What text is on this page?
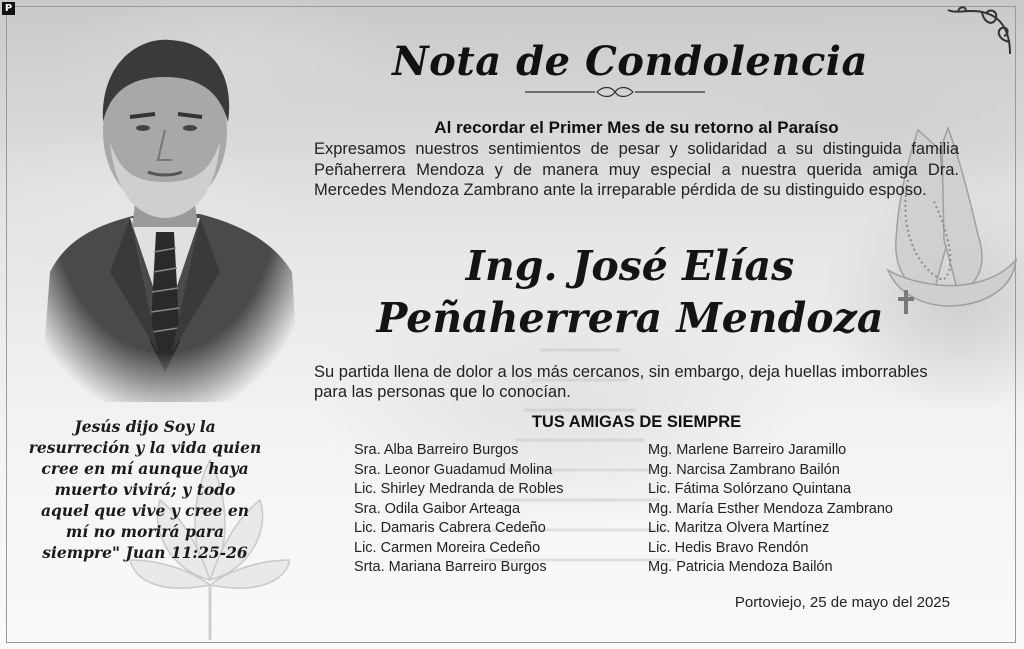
P
Nota de Condolencia
Al recordar el Primer Mes de su retorno al Paraíso
Expresamos nuestros sentimientos de pesar y solidaridad a su distinguida familia Peñaherrera Mendoza y de manera muy especial a nuestra querida amiga Dra. Mercedes Mendoza Zambrano ante la irreparable pérdida de su distinguido esposo.
Ing. José Elías
Peñaherrera Mendoza
Su partida llena de dolor a los más cercanos, sin embargo, deja huellas imborrables para las personas que lo conocían.
TUS AMIGAS DE SIEMPRE
Sra. Alba Barreiro Burgos
Sra. Leonor Guadamud Molina
Lic. Shirley Medranda de Robles
Sra. Odila Gaibor Arteaga
Lic. Damaris Cabrera Cedeño
Lic. Carmen Moreira Cedeño
Srta. Mariana Barreiro Burgos
Mg. Marlene Barreiro Jaramillo
Mg. Narcisa Zambrano Bailón
Lic. Fátima Solórzano Quintana
Mg. María Esther Mendoza Zambrano
Lic. Maritza Olvera Martínez
Lic. Hedis Bravo Rendón
Mg. Patricia Mendoza Bailón
Portoviejo, 25 de mayo del 2025
Jesús dijo Soy la resurreción y la vida quien cree en mí aunque haya muerto vivirá; y todo aquel que vive y cree en mí no morirá para siempre" Juan 11:25-26
